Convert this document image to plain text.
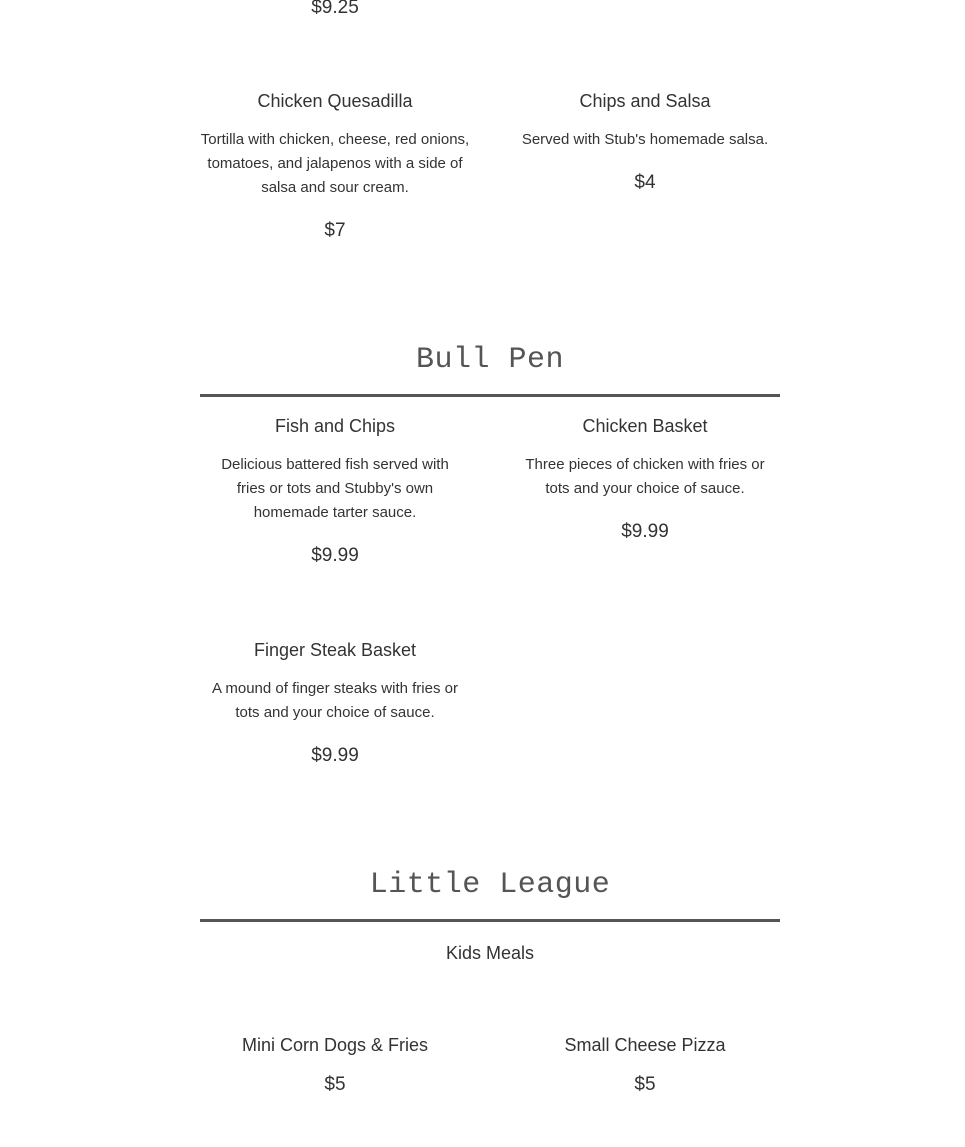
$9.25
Chicken Quesadilla
Tortilla with chicken, cheese, red onions, tomatoes, and jalapenos with a side of salsa and sour cream.
$7
Chips and Salsa
Served with Stub's homemade salsa.
$4
Bull Pen
Fish and Chips
Delicious battered fish served with fries or tots and Stubby's own homemade tarter sauce.
$9.99
Chicken Basket
Three pieces of chicken with fries or tots and your choice of sauce.
$9.99
Finger Steak Basket
A mound of finger steaks with fries or tots and your choice of sauce.
$9.99
Little League
Kids Meals
Mini Corn Dogs & Fries
$5
Small Cheese Pizza
$5
